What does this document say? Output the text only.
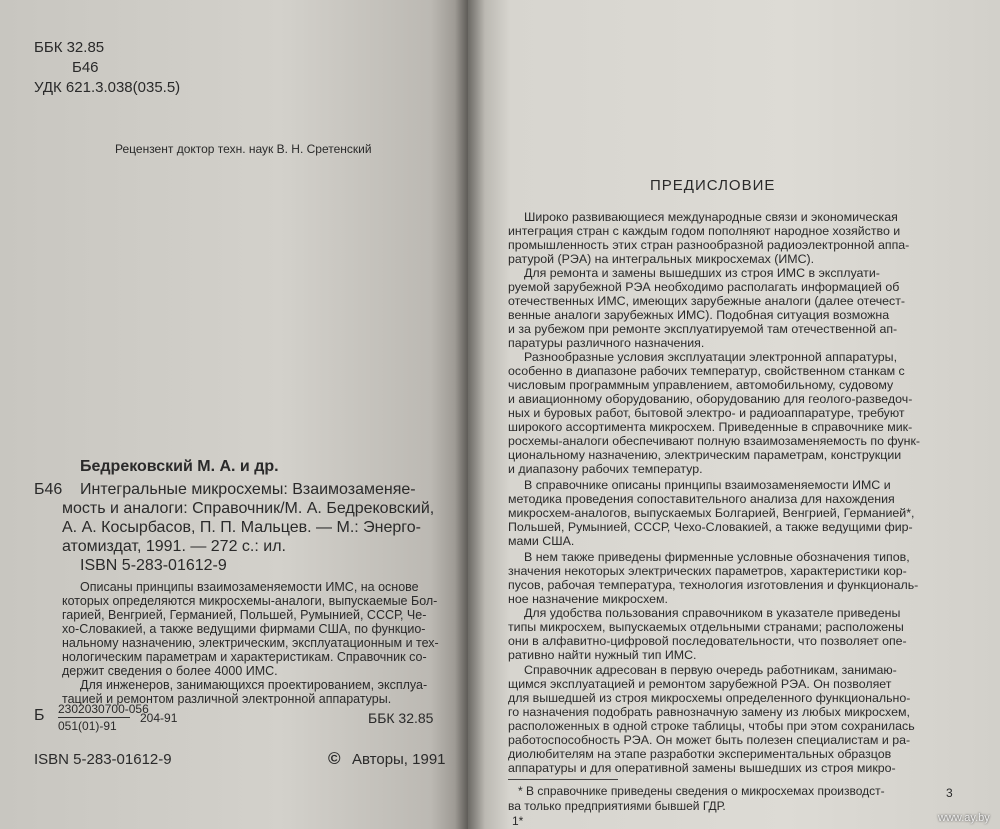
ББК 32.85
Б46
УДК 621.3.038(035.5)
Рецензент доктор техн. наук В. Н. Сретенский
Бедрековский М. А. и др.
Б46 Интегральные микросхемы: Взаимозаменяе-
мость и аналоги: Справочник/М. А. Бедрековский,
А. А. Косырбасов, П. П. Мальцев. — М.: Энерго-
атомиздат, 1991. — 272 с.: ил.
ISBN 5-283-01612-9
Описаны принципы взаимозаменяемости ИМС, на основе
которых определяются микросхемы-аналоги, выпускаемые Бол-
гарией, Венгрией, Германией, Польшей, Румынией, СССР, Че-
хо-Словакией, а также ведущими фирмами США, по функцио-
нальному назначению, электрическим, эксплуатационным и тех-
нологическим параметрам и характеристикам. Справочник со-
держит сведения о более 4000 ИМС.
Для инженеров, занимающихся проектированием, эксплуа-
тацией и ремонтом различной электронной аппаратуры.
Б 2302030700-056
051(01)-91
204-91	ББК 32.85
ISBN 5-283-01612-9	© Авторы, 1991
ПРЕДИСЛОВИЕ
Широко развивающиеся международные связи и экономическая
интеграция стран с каждым годом пополняют народное хозяйство и
промышленность этих стран разнообразной радиоэлектронной аппа-
ратурой (РЭА) на интегральных микросхемах (ИМС).
Для ремонта и замены вышедших из строя ИМС в эксплуати-
руемой зарубежной РЭА необходимо располагать информацией об
отечественных ИМС, имеющих зарубежные аналоги (далее отечест-
венные аналоги зарубежных ИМС). Подобная ситуация возможна
и за рубежом при ремонте эксплуатируемой там отечественной ап-
паратуры различного назначения.
Разнообразные условия эксплуатации электронной аппаратуры,
особенно в диапазоне рабочих температур, свойственном станкам с
числовым программным управлением, автомобильному, судовому
и авиационному оборудованию, оборудованию для геолого-разведоч-
ных и буровых работ, бытовой электро- и радиоаппаратуре, требуют
широкого ассортимента микросхем. Приведенные в справочнике мик-
росхемы-аналоги обеспечивают полную взаимозаменяемость по функ-
циональному назначению, электрическим параметрам, конструкции
и диапазону рабочих температур.
В справочнике описаны принципы взаимозаменяемости ИМС и
методика проведения сопоставительного анализа для нахождения
микросхем-аналогов, выпускаемых Болгарией, Венгрией, Германией*,
Польшей, Румынией, СССР, Чехо-Словакией, а также ведущими фир-
мами США.
В нем также приведены фирменные условные обозначения типов,
значения некоторых электрических параметров, характеристики кор-
пусов, рабочая температура, технология изготовления и функциональ-
ное назначение микросхем.
Для удобства пользования справочником в указателе приведены
типы микросхем, выпускаемых отдельными странами; расположены
они в алфавитно-цифровой последовательности, что позволяет опе-
ративно найти нужный тип ИМС.
Справочник адресован в первую очередь работникам, занимаю-
щимся эксплуатацией и ремонтом зарубежной РЭА. Он позволяет
для вышедшей из строя микросхемы определенного функционально-
го назначения подобрать равнозначную замену из любых микросхем,
расположенных в одной строке таблицы, чтобы при этом сохранилась
работоспособность РЭА. Он может быть полезен специалистам и ра-
диолюбителям на этапе разработки экспериментальных образцов
аппаратуры и для оперативной замены вышедших из строя микро-
* В справочнике приведены сведения о микросхемах производст-
ва только предприятиями бывшей ГДР.
1*
3
www.ay.by
